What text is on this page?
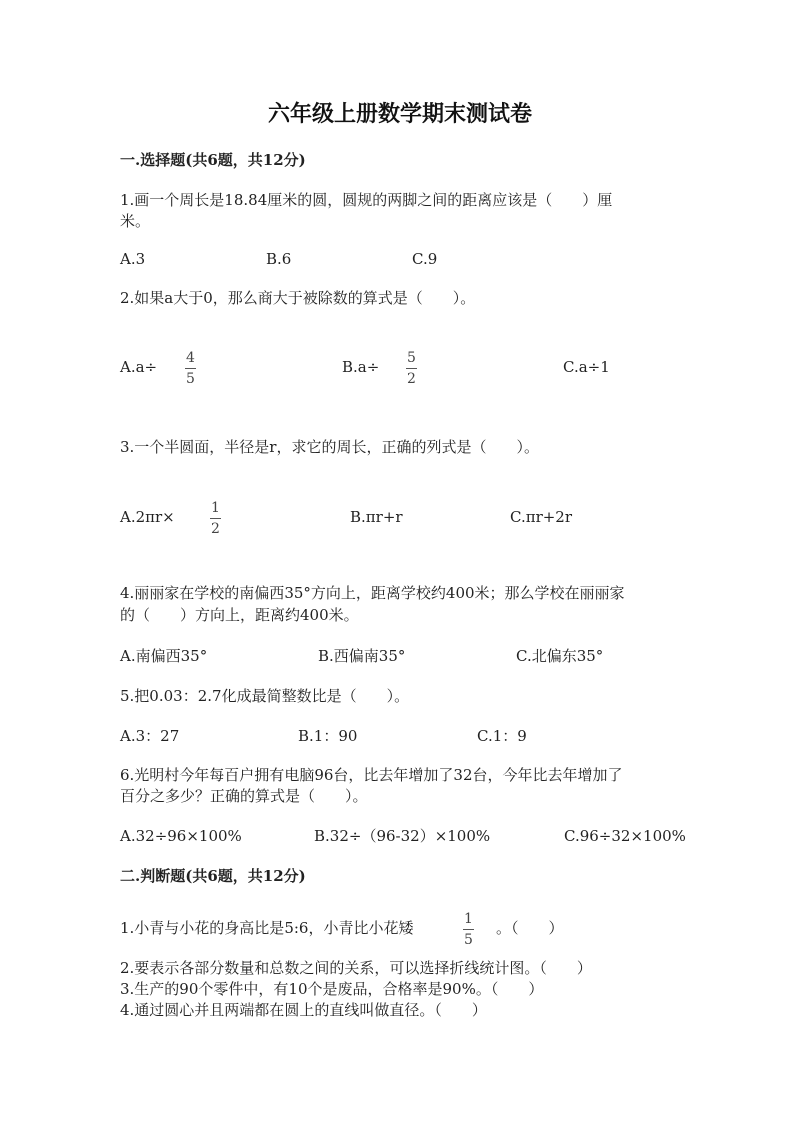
六年级上册数学期末测试卷
一.选择题(共6题，共12分)
1.画一个周长是18.84厘米的圆，圆规的两脚之间的距离应该是（　　）厘
米。
A.3	B.6	C.9
2.如果a大于0，那么商大于被除数的算式是（　　）。
A.a÷ 4
5
B.a÷ 5
2
C.a÷1
3.一个半圆面，半径是r，求它的周长，正确的列式是（　　）。
A.2πr×	1
2
B.πr+r	C.πr+2r
4.丽丽家在学校的南偏西35°方向上，距离学校约400米；那么学校在丽丽家
的（　　）方向上，距离约400米。
A.南偏西35°	B.西偏南35°	C.北偏东35°
5.把0.03：2.7化成最简整数比是（　　）。
A.3：27	B.1：90	C.1：9
6.光明村今年每百户拥有电脑96台，比去年增加了32台，今年比去年增加了
百分之多少？正确的算式是（　　）。
A.32÷96×100%	B.32÷（96-32）×100%	C.96÷32×100%
二.判断题(共6题，共12分)
1.小青与小花的身高比是5:6，小青比小花矮	1
5
。（　　）
2.要表示各部分数量和总数之间的关系，可以选择折线统计图。（　　）
3.生产的90个零件中，有10个是废品，合格率是90%。（　　）
4.通过圆心并且两端都在圆上的直线叫做直径。（　　）
